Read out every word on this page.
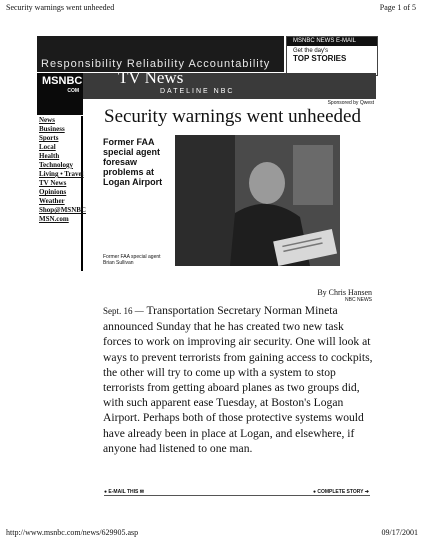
Security warnings went unheeded	Page 1 of 5
Responsibility Reliability Accountability
MSNBC NEWS E-MAIL
Get the day's
TOP STORIES
MSNBC
COM
TV News
DATELINE NBC
Sponsored by Qwest
Security warnings went unheeded
News
Business
Sports
Local
Health
Technology
Living • Travel
TV News
Opinions
Weather
Shop@MSNBC
MSN.com
Former FAA special agent foresaw problems at Logan Airport
Former FAA special agent Brian Sullivan
By Chris Hansen
NBC NEWS
Sept. 16 — Transportation Secretary Norman Mineta announced Sunday that he has created two new task forces to work on improving air security. One will look at ways to prevent terrorists from gaining access to cockpits, the other will try to come up with a system to stop terrorists from getting aboard planes as two groups did, with such apparent ease Tuesday, at Boston's Logan Airport. Perhaps both of those protective systems would have already been in place at Logan, and elsewhere, if anyone had listened to one man.
● E-MAIL THIS ✉	● COMPLETE STORY ➔
http://www.msnbc.com/news/629905.asp	09/17/2001
